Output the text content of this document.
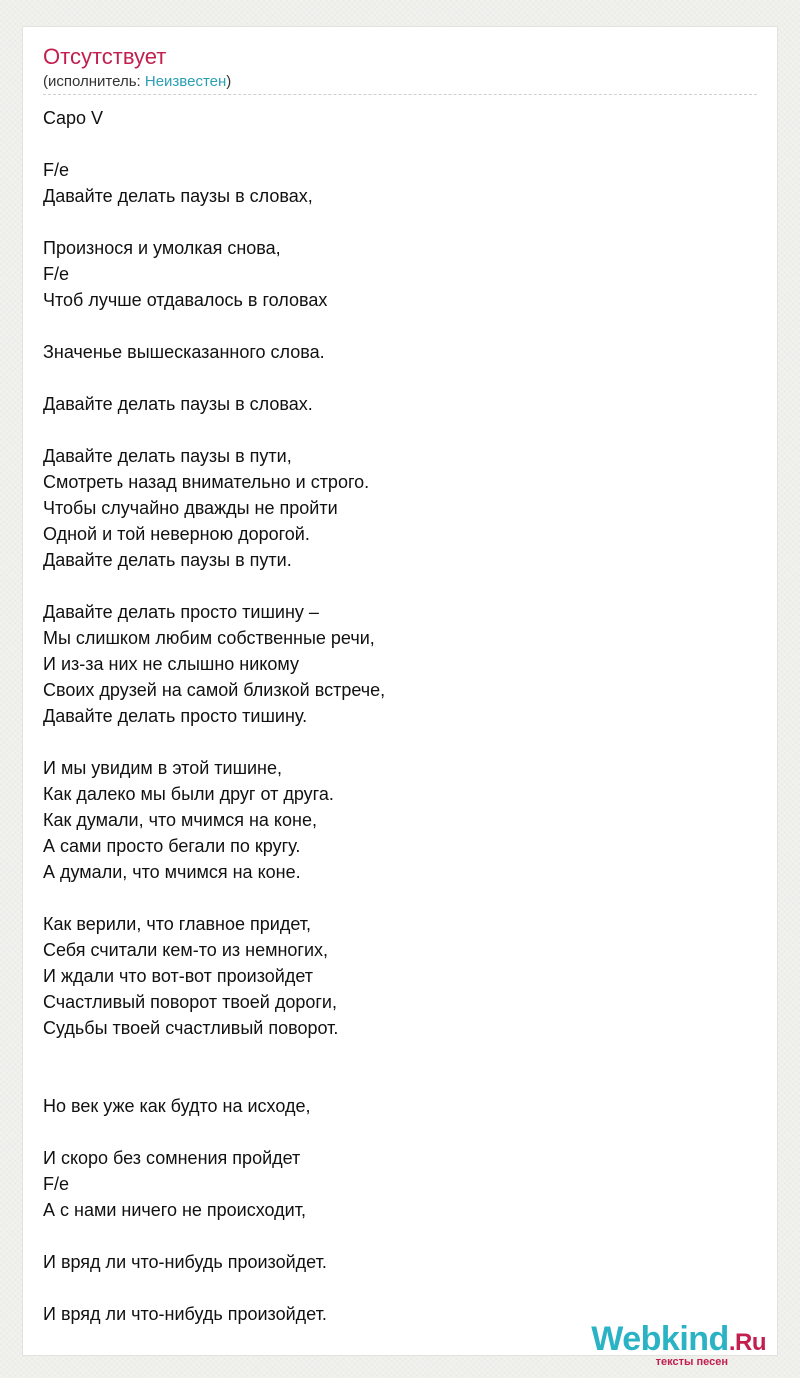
Отсутствует
(исполнитель: Неизвестен)
Capo V

F/e
Давайте делать паузы в словах,

Произнося и умолкая снова,
F/e
Чтоб лучше отдавалось в головах

Значенье вышесказанного слова.

Давайте делать паузы в словах.

Давайте делать паузы в пути,
Смотреть назад внимательно и строго.
Чтобы случайно дважды не пройти
Одной и той неверною дорогой.
Давайте делать паузы в пути.

Давайте делать просто тишину –
Мы слишком любим собственные речи,
И из-за них не слышно никому
Своих друзей на самой близкой встрече,
Давайте делать просто тишину.

И мы увидим в этой тишине,
Как далеко мы были друг от друга.
Как думали, что мчимся на коне,
А сами просто бегали по кругу.
А думали, что мчимся на коне.

Как верили, что главное придет,
Себя считали кем-то из немногих,
И ждали что вот-вот произойдет
Счастливый поворот твоей дороги,
Судьбы твоей счастливый поворот.

Но век уже как будто на исходе,

И скоро без сомнения пройдет
F/e
А с нами ничего не происходит,

И вряд ли что-нибудь произойдет.

И вряд ли что-нибудь произойдет.
Webkind.Ru
тексты песен
